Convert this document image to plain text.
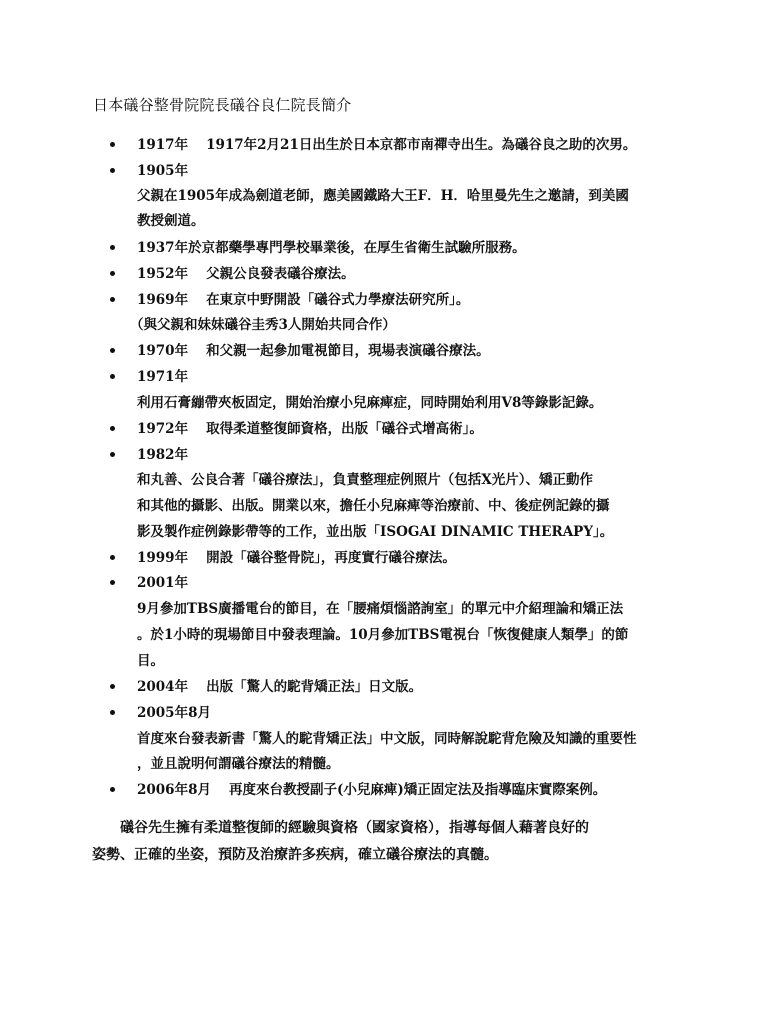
日本礒谷整骨院院長礒谷良仁院長簡介
1917年 1917年2月21日出生於日本京都市南禪寺出生。為礒谷良之助的次男。
1905年
父親在1905年成為劍道老師，應美國鐵路大王F．H．哈里曼先生之邀請，到美國
教授劍道。
1937年於京都藥學專門學校畢業後，在厚生省衛生試驗所服務。
1952年 父親公良發表礒谷療法。
1969年 在東京中野開設「礒谷式力學療法研究所」。
（與父親和妹妹礒谷圭秀3人開始共同合作）
1970年 和父親一起參加電視節目，現場表演礒谷療法。
1971年
利用石膏繃帶夾板固定，開始治療小兒麻痺症，同時開始利用V8等錄影記錄。
1972年 取得柔道整復師資格，出版「礒谷式增高術」。
1982年
和丸善、公良合著「礒谷療法」，負責整理症例照片（包括X光片）、矯正動作
和其他的攝影、出版。開業以來，擔任小兒麻痺等治療前、中、後症例記錄的攝
影及製作症例錄影帶等的工作，並出版「ISOGAI DINAMIC THERAPY」。
1999年 開設「礒谷整骨院」，再度實行礒谷療法。
2001年
9月參加TBS廣播電台的節目，在「腰痛煩惱諮詢室」的單元中介紹理論和矯正法
。於1小時的現場節目中發表理論。10月參加TBS電視台「恢復健康人類學」的節
目。
2004年 出版「驚人的駝背矯正法」日文版。
2005年8月
首度來台發表新書「驚人的駝背矯正法」中文版，同時解說駝背危險及知識的重要性
，並且說明何謂礒谷療法的精髓。
2006年8月 再度來台教授副子(小兒麻痺)矯正固定法及指導臨床實際案例。
礒谷先生擁有柔道整復師的經驗與資格（國家資格），指導每個人藉著良好的
姿勢、正確的坐姿，預防及治療許多疾病，確立礒谷療法的真髓。
